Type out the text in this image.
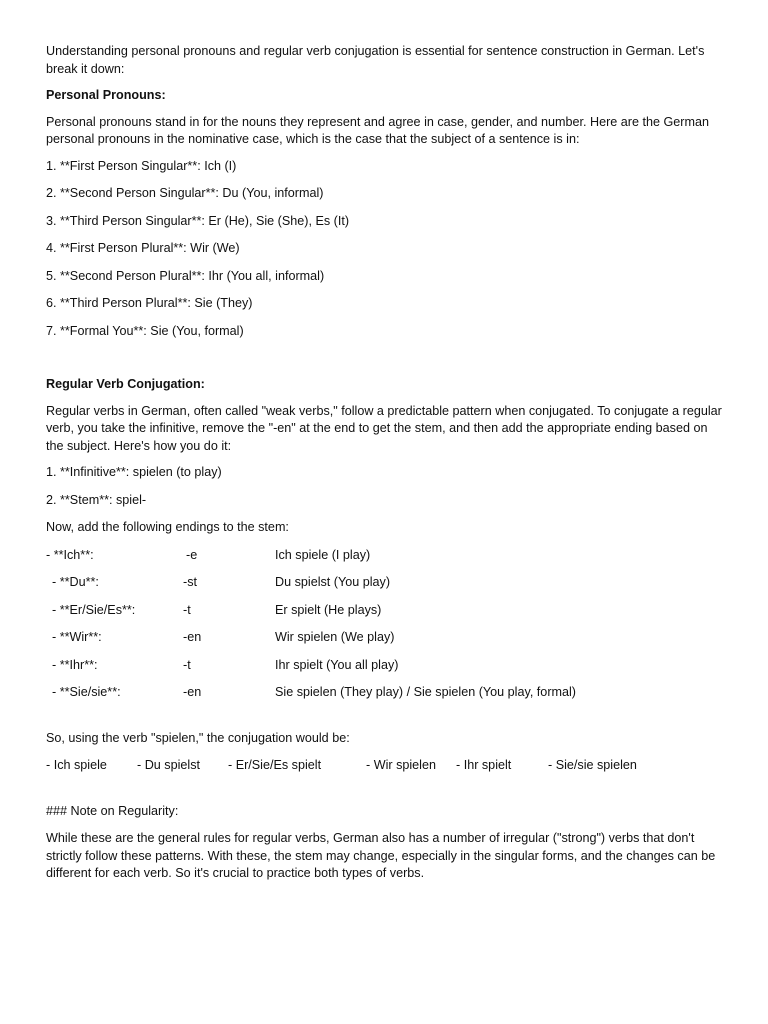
Understanding personal pronouns and regular verb conjugation is essential for sentence construction in German. Let's break it down:

Personal Pronouns:

Personal pronouns stand in for the nouns they represent and agree in case, gender, and number. Here are the German personal pronouns in the nominative case, which is the case that the subject of a sentence is in:

1. **First Person Singular**: Ich (I)

2. **Second Person Singular**: Du (You, informal)

3. **Third Person Singular**: Er (He), Sie (She), Es (It)

4. **First Person Plural**: Wir (We)

5. **Second Person Plural**: Ihr (You all, informal)

6. **Third Person Plural**: Sie (They)

7. **Formal You**: Sie (You, formal)

Regular Verb Conjugation:

Regular verbs in German, often called "weak verbs," follow a predictable pattern when conjugated. To conjugate a regular verb, you take the infinitive, remove the "-en" at the end to get the stem, and then add the appropriate ending based on the subject. Here's how you do it:

1. **Infinitive**: spielen (to play)

2. **Stem**: spiel-

Now, add the following endings to the stem:

- **Ich**:	-e	Ich spiele (I play)
- **Du**:	-st	Du spielst (You play)
- **Er/Sie/Es**:	-t	Er spielt (He plays)
- **Wir**:	-en	Wir spielen (We play)
- **Ihr**:	-t	Ihr spielt (You all play)
- **Sie/sie**:	-en	Sie spielen (They play) / Sie spielen (You play, formal)

So, using the verb "spielen," the conjugation would be:

- Ich spiele - Du spielst - Er/Sie/Es spielt	- Wir spielen - Ihr spielt	- Sie/sie spielen

### Note on Regularity:

While these are the general rules for regular verbs, German also has a number of irregular ("strong") verbs that don't strictly follow these patterns. With these, the stem may change, especially in the singular forms, and the changes can be different for each verb. So it's crucial to practice both types of verbs.
